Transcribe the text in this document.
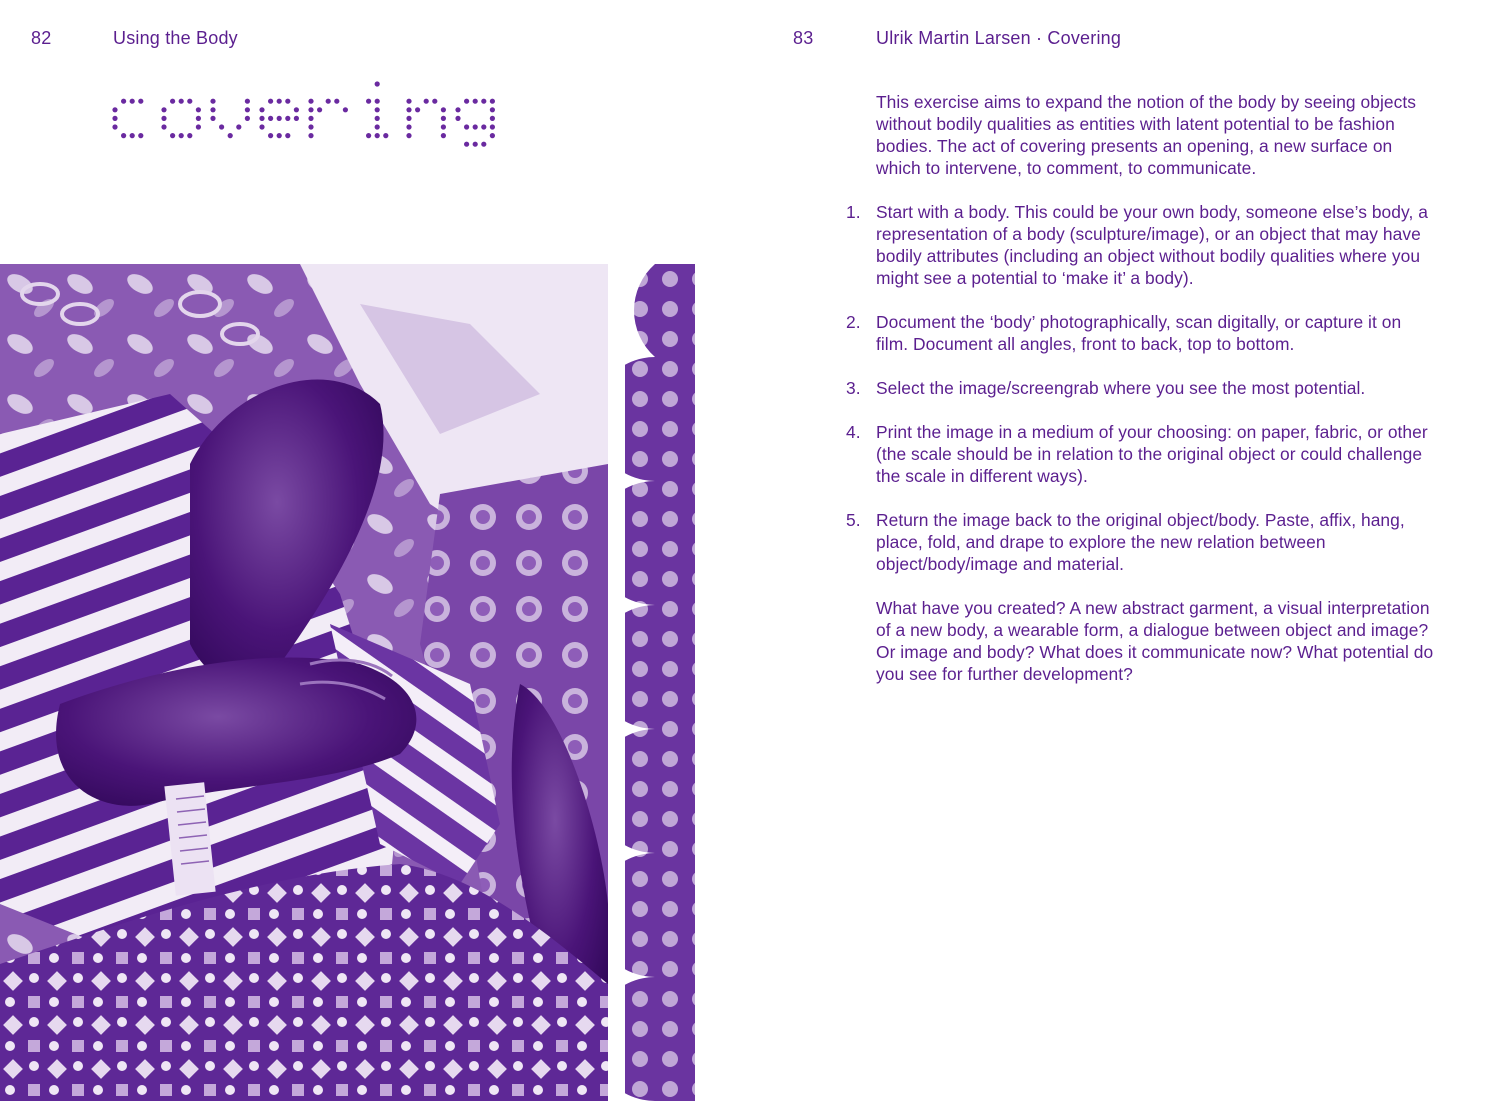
82	Using the Body	83	Ulrik Martin Larsen · Covering

This exercise aims to expand the notion of the body by seeing objects without bodily qualities as entities with latent potential to be fashion bodies. The act of covering presents an opening, a new surface on which to intervene, to comment, to communicate.

1. Start with a body. This could be your own body, someone else’s body, a representation of a body (sculpture/image), or an object that may have bodily attributes (including an object without bodily qualities where you might see a potential to ‘make it’ a body).
2. Document the ‘body’ photographically, scan digitally, or capture it on film. Document all angles, front to back, top to bottom.
3. Select the image/screengrab where you see the most potential.
4. Print the image in a medium of your choosing: on paper, fabric, or other (the scale should be in relation to the original object or could challenge the scale in different ways).
5. Return the image back to the original object/body. Paste, affix, hang, place, fold, and drape to explore the new relation between object/body/image and material.

What have you created? A new abstract garment, a visual interpretation of a new body, a wearable form, a dialogue between object and image? Or image and body? What does it communicate now? What potential do you see for further development?
